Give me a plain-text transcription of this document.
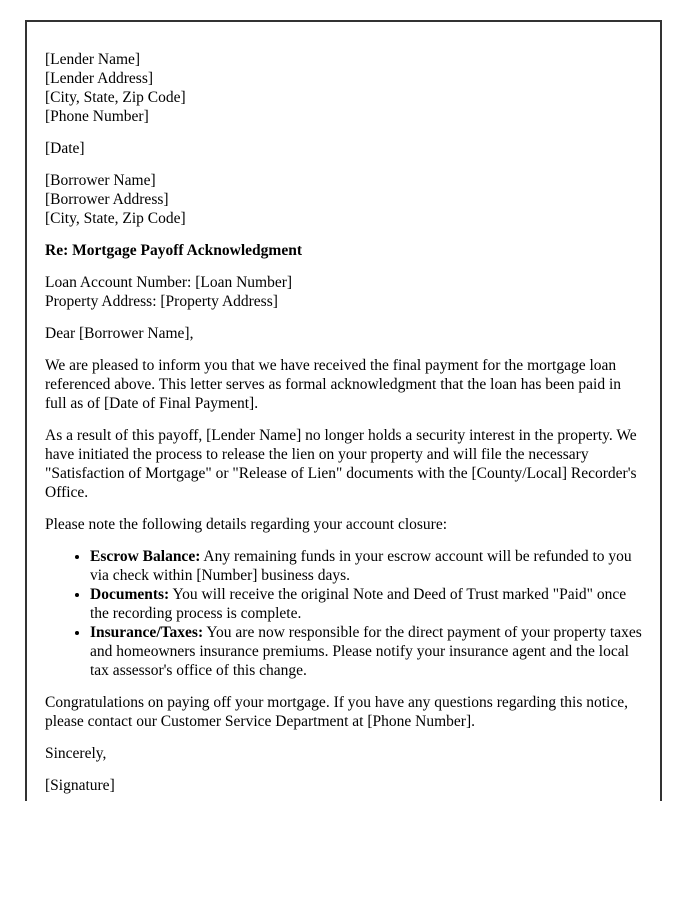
[Lender Name]
[Lender Address]
[City, State, Zip Code]
[Phone Number]
[Date]
[Borrower Name]
[Borrower Address]
[City, State, Zip Code]
Re: Mortgage Payoff Acknowledgment
Loan Account Number: [Loan Number]
Property Address: [Property Address]
Dear [Borrower Name],
We are pleased to inform you that we have received the final payment for the mortgage loan referenced above. This letter serves as formal acknowledgment that the loan has been paid in full as of [Date of Final Payment].
As a result of this payoff, [Lender Name] no longer holds a security interest in the property. We have initiated the process to release the lien on your property and will file the necessary "Satisfaction of Mortgage" or "Release of Lien" documents with the [County/Local] Recorder's Office.
Please note the following details regarding your account closure:
• Escrow Balance: Any remaining funds in your escrow account will be refunded to you via check within [Number] business days.
• Documents: You will receive the original Note and Deed of Trust marked "Paid" once the recording process is complete.
• Insurance/Taxes: You are now responsible for the direct payment of your property taxes and homeowners insurance premiums. Please notify your insurance agent and the local tax assessor's office of this change.
Congratulations on paying off your mortgage. If you have any questions regarding this notice, please contact our Customer Service Department at [Phone Number].
Sincerely,
[Signature]
